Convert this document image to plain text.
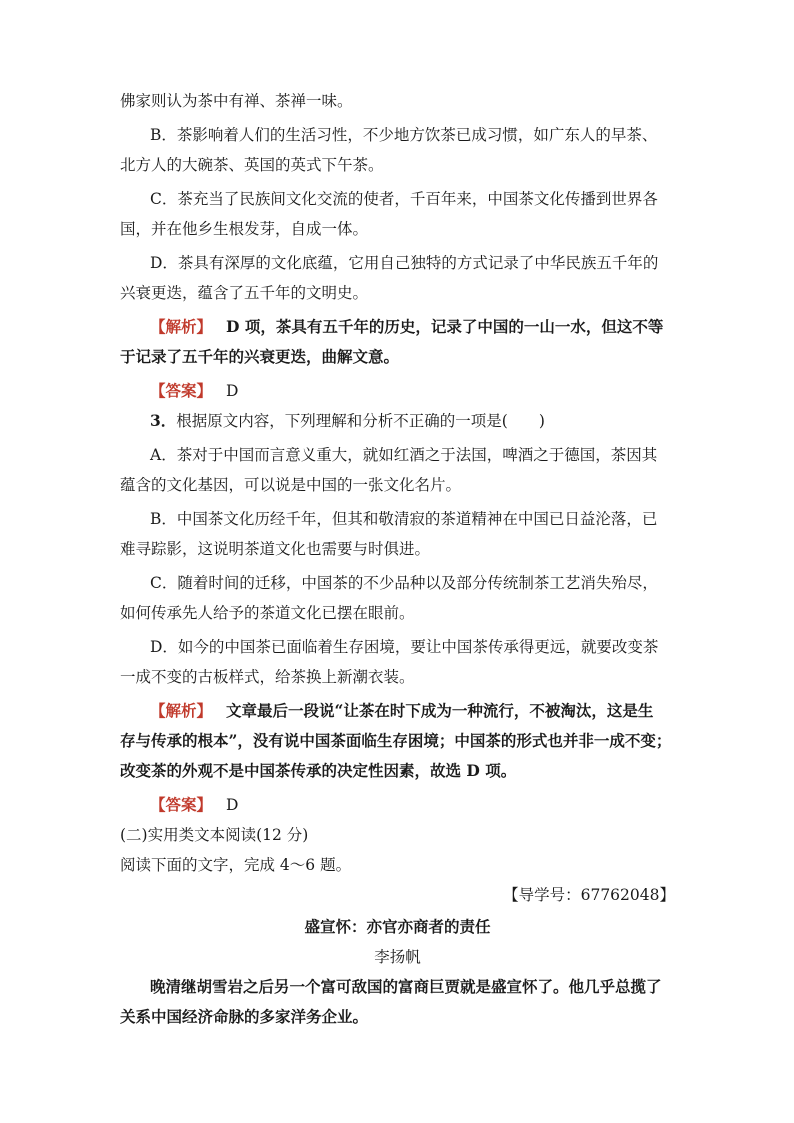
佛家则认为茶中有禅、茶禅一味。
B．茶影响着人们的生活习性，不少地方饮茶已成习惯，如广东人的早茶、
北方人的大碗茶、英国的英式下午茶。
C．茶充当了民族间文化交流的使者，千百年来，中国茶文化传播到世界各
国，并在他乡生根发芽，自成一体。
D．茶具有深厚的文化底蕴，它用自己独特的方式记录了中华民族五千年的
兴衰更迭，蕴含了五千年的文明史。
【解析】 D 项，茶具有五千年的历史，记录了中国的一山一水，但这不等
于记录了五千年的兴衰更迭，曲解文意。
【答案】 D
3．根据原文内容，下列理解和分析不正确的一项是(　　)
A．茶对于中国而言意义重大，就如红酒之于法国，啤酒之于德国，茶因其
蕴含的文化基因，可以说是中国的一张文化名片。
B．中国茶文化历经千年，但其和敬清寂的茶道精神在中国已日益沦落，已
难寻踪影，这说明茶道文化也需要与时俱进。
C．随着时间的迁移，中国茶的不少品种以及部分传统制茶工艺消失殆尽，
如何传承先人给予的茶道文化已摆在眼前。
D．如今的中国茶已面临着生存困境，要让中国茶传承得更远，就要改变茶
一成不变的古板样式，给茶换上新潮衣装。
【解析】 文章最后一段说“让茶在时下成为一种流行，不被淘汰，这是生
存与传承的根本”，没有说中国茶面临生存困境；中国茶的形式也并非一成不变；
改变茶的外观不是中国茶传承的决定性因素，故选 D 项。
【答案】 D
(二)实用类文本阅读(12 分)
阅读下面的文字，完成 4～6 题。
【导学号：67762048】
盛宣怀：亦官亦商者的责任
李扬帆
晚清继胡雪岩之后另一个富可敌国的富商巨贾就是盛宣怀了。他几乎总揽了
关系中国经济命脉的多家洋务企业。
